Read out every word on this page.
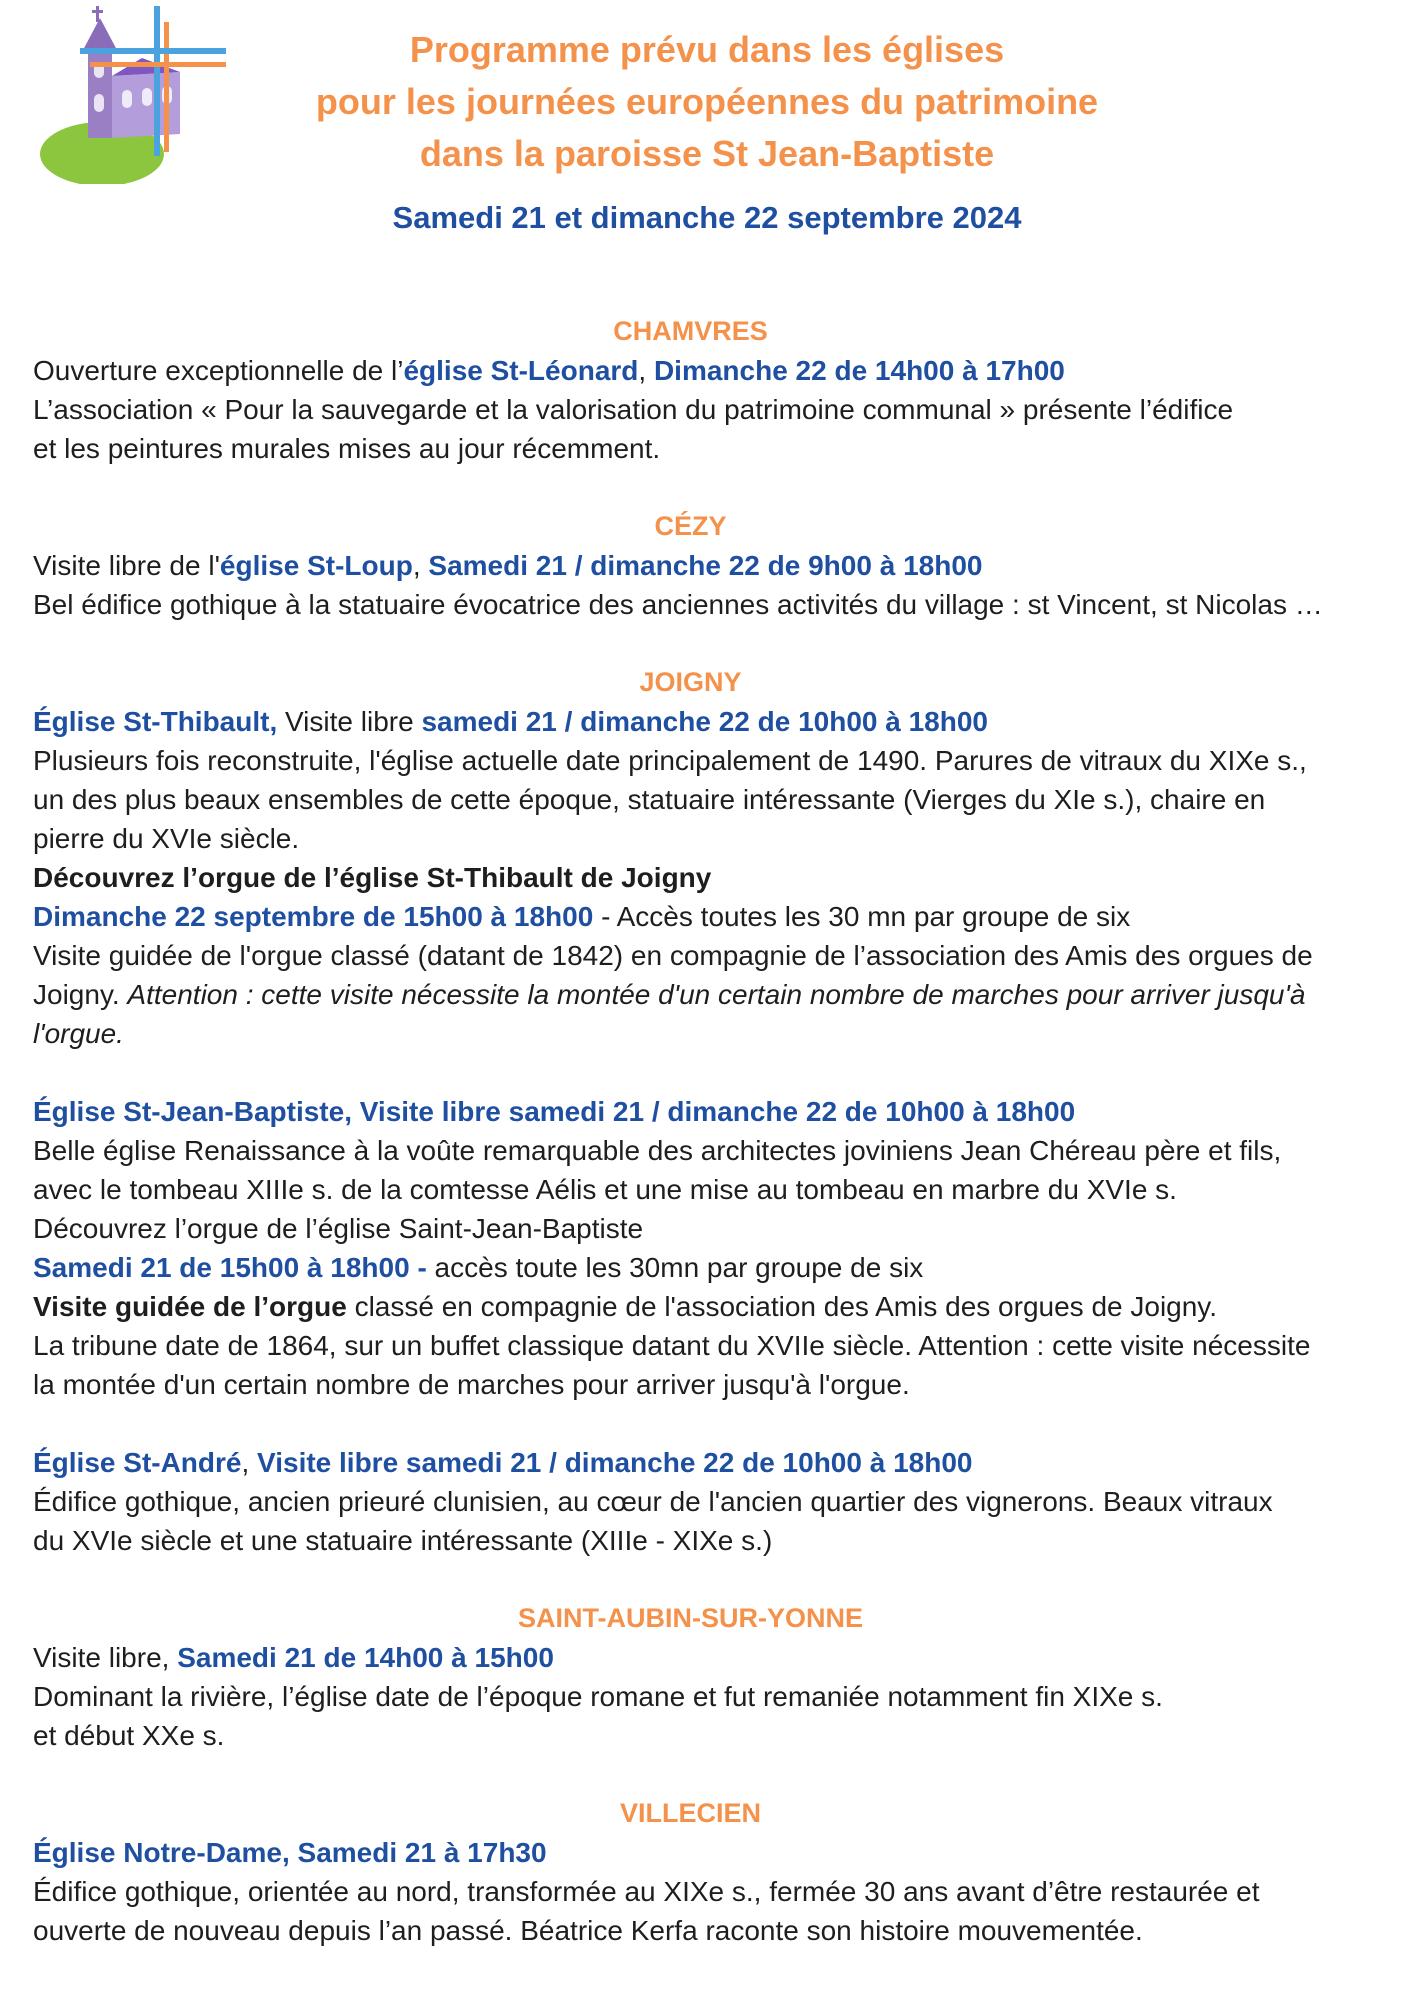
Programme prévu dans les églises
pour les journées européennes du patrimoine
dans la paroisse St Jean-Baptiste
Samedi 21 et dimanche 22 septembre 2024
CHAMVRES
Ouverture exceptionnelle de l’église St-Léonard, Dimanche 22 de 14h00 à 17h00
L’association « Pour la sauvegarde et la valorisation du patrimoine communal » présente l’édifice
et les peintures murales mises au jour récemment.
CÉZY
Visite libre de l'église St-Loup, Samedi 21 / dimanche 22 de 9h00 à 18h00
Bel édifice gothique à la statuaire évocatrice des anciennes activités du village : st Vincent, st Nicolas …
JOIGNY
Église St-Thibault, Visite libre samedi 21 / dimanche 22 de 10h00 à 18h00
Plusieurs fois reconstruite, l'église actuelle date principalement de 1490. Parures de vitraux du XIXe s.,
un des plus beaux ensembles de cette époque, statuaire intéressante (Vierges du XIe s.), chaire en
pierre du XVIe siècle.
Découvrez l’orgue de l’église St-Thibault de Joigny
Dimanche 22 septembre de 15h00 à 18h00 - Accès toutes les 30 mn par groupe de six
Visite guidée de l'orgue classé (datant de 1842) en compagnie de l’association des Amis des orgues de
Joigny. Attention : cette visite nécessite la montée d'un certain nombre de marches pour arriver jusqu'à
l'orgue.
Église St-Jean-Baptiste, Visite libre samedi 21 / dimanche 22 de 10h00 à 18h00
Belle église Renaissance à la voûte remarquable des architectes joviniens Jean Chéreau père et fils,
avec le tombeau XIIIe s. de la comtesse Aélis et une mise au tombeau en marbre du XVIe s.
Découvrez l’orgue de l’église Saint-Jean-Baptiste
Samedi 21 de 15h00 à 18h00 - accès toute les 30mn par groupe de six
Visite guidée de l’orgue classé en compagnie de l'association des Amis des orgues de Joigny.
La tribune date de 1864, sur un buffet classique datant du XVIIe siècle. Attention : cette visite nécessite
la montée d'un certain nombre de marches pour arriver jusqu'à l'orgue.
Église St-André, Visite libre samedi 21 / dimanche 22 de 10h00 à 18h00
Édifice gothique, ancien prieuré clunisien, au cœur de l'ancien quartier des vignerons. Beaux vitraux
du XVIe siècle et une statuaire intéressante (XIIIe - XIXe s.)
SAINT-AUBIN-SUR-YONNE
Visite libre, Samedi 21 de 14h00 à 15h00
Dominant la rivière, l’église date de l’époque romane et fut remaniée notamment fin XIXe s.
et début XXe s.
VILLECIEN
Église Notre-Dame, Samedi 21 à 17h30
Édifice gothique, orientée au nord, transformée au XIXe s., fermée 30 ans avant d’être restaurée et
ouverte de nouveau depuis l’an passé. Béatrice Kerfa raconte son histoire mouvementée.
